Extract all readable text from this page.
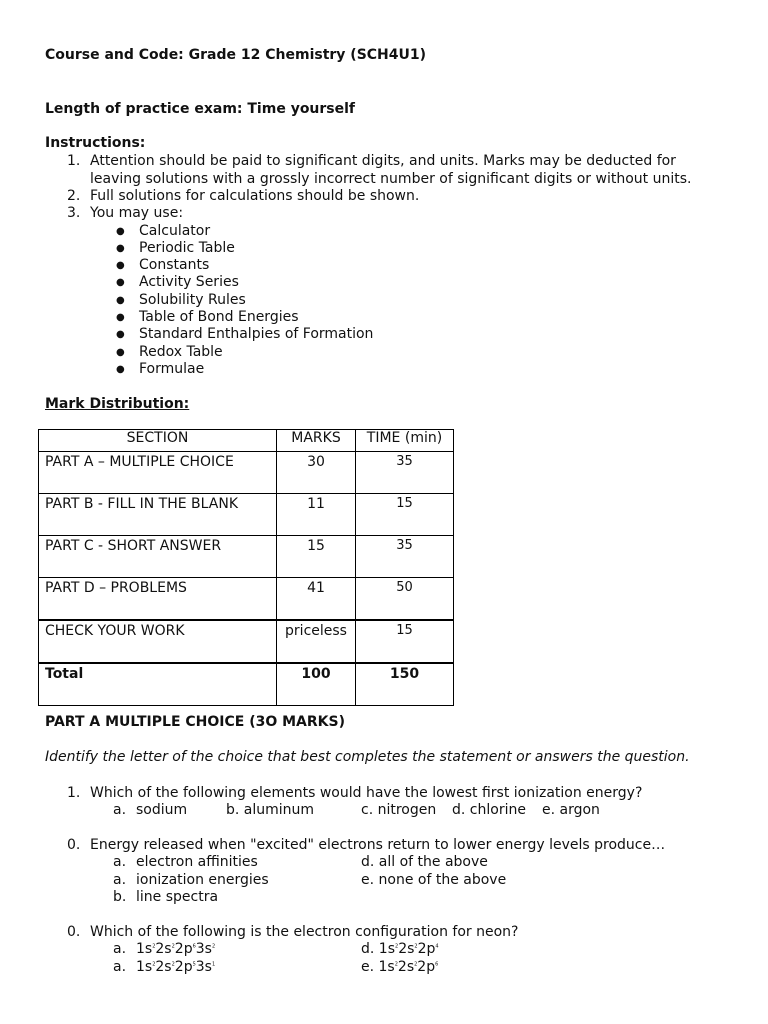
Course and Code: Grade 12 Chemistry (SCH4U1)
Length of practice exam: Time yourself
Instructions:
1. Attention should be paid to significant digits, and units. Marks may be deducted for
leaving solutions with a grossly incorrect number of significant digits or without units.
2. Full solutions for calculations should be shown.
3. You may use:
● Calculator
● Periodic Table
● Constants
● Activity Series
● Solubility Rules
● Table of Bond Energies
● Standard Enthalpies of Formation
● Redox Table
● Formulae
Mark Distribution:
SECTION	MARKS	TIME (min)
PART A – MULTIPLE CHOICE	30	35
PART B - FILL IN THE BLANK	11	15
PART C - SHORT ANSWER	15	35
PART D – PROBLEMS	41	50
CHECK YOUR WORK	priceless	15
Total	100	150
PART A MULTIPLE CHOICE (3O MARKS)
Identify the letter of the choice that best completes the statement or answers the question.
1. Which of the following elements would have the lowest first ionization energy?
a. sodium	b. aluminum	c. nitrogen d. chlorine e. argon
0. Energy released when "excited" electrons return to lower energy levels produce…
a. electron affinities	d. all of the above
a. ionization energies	e. none of the above
b. line spectra
0. Which of the following is the electron configuration for neon?
a. $1s^22s^22p^63s^2$	d. $1s^22s^22p^4$
a. $1s^22s^22p^53s^1$	e. $1s^22s^22p^6$
